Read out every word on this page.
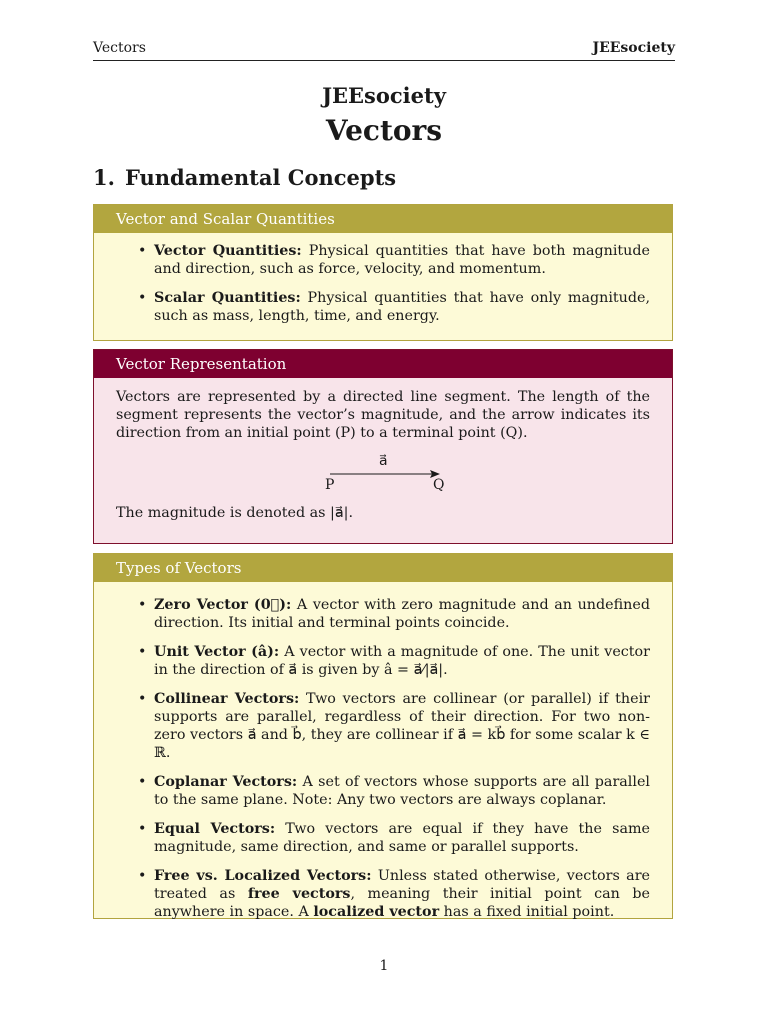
Vectors	JEEsociety
JEEsociety
Vectors
1. Fundamental Concepts
Vector and Scalar Quantities
• Vector Quantities: Physical quantities that have both magnitude and direction, such as force, velocity, and momentum.
• Scalar Quantities: Physical quantities that have only magnitude, such as mass, length, time, and energy.
Vector Representation

Vectors are represented by a directed line segment. The length of the segment represents the vector’s magnitude, and the arrow indicates its direction from an initial point (P) to a terminal point (Q).

a⃗
P	Q

The magnitude is denoted as |a⃗|.

Types of Vectors
• Zero Vector (0⃗): A vector with zero magnitude and an undefined direction. Its initial and terminal points coincide.
• Unit Vector (â): A vector with a magnitude of one. The unit vector in the direction of a⃗ is given by â = a⃗⁄|a⃗|.
• Collinear Vectors: Two vectors are collinear (or parallel) if their supports are parallel, regardless of their direction. For two non-zero vectors a⃗ and b⃗, they are collinear if a⃗ = kb⃗ for some scalar k ∈ ℝ.
• Coplanar Vectors: A set of vectors whose supports are all parallel to the same plane. Note: Any two vectors are always coplanar.
• Equal Vectors: Two vectors are equal if they have the same magnitude, same direction, and same or parallel supports.
• Free vs. Localized Vectors: Unless stated otherwise, vectors are treated as free vectors, meaning their initial point can be anywhere in space. A localized vector has a fixed initial point.
1
